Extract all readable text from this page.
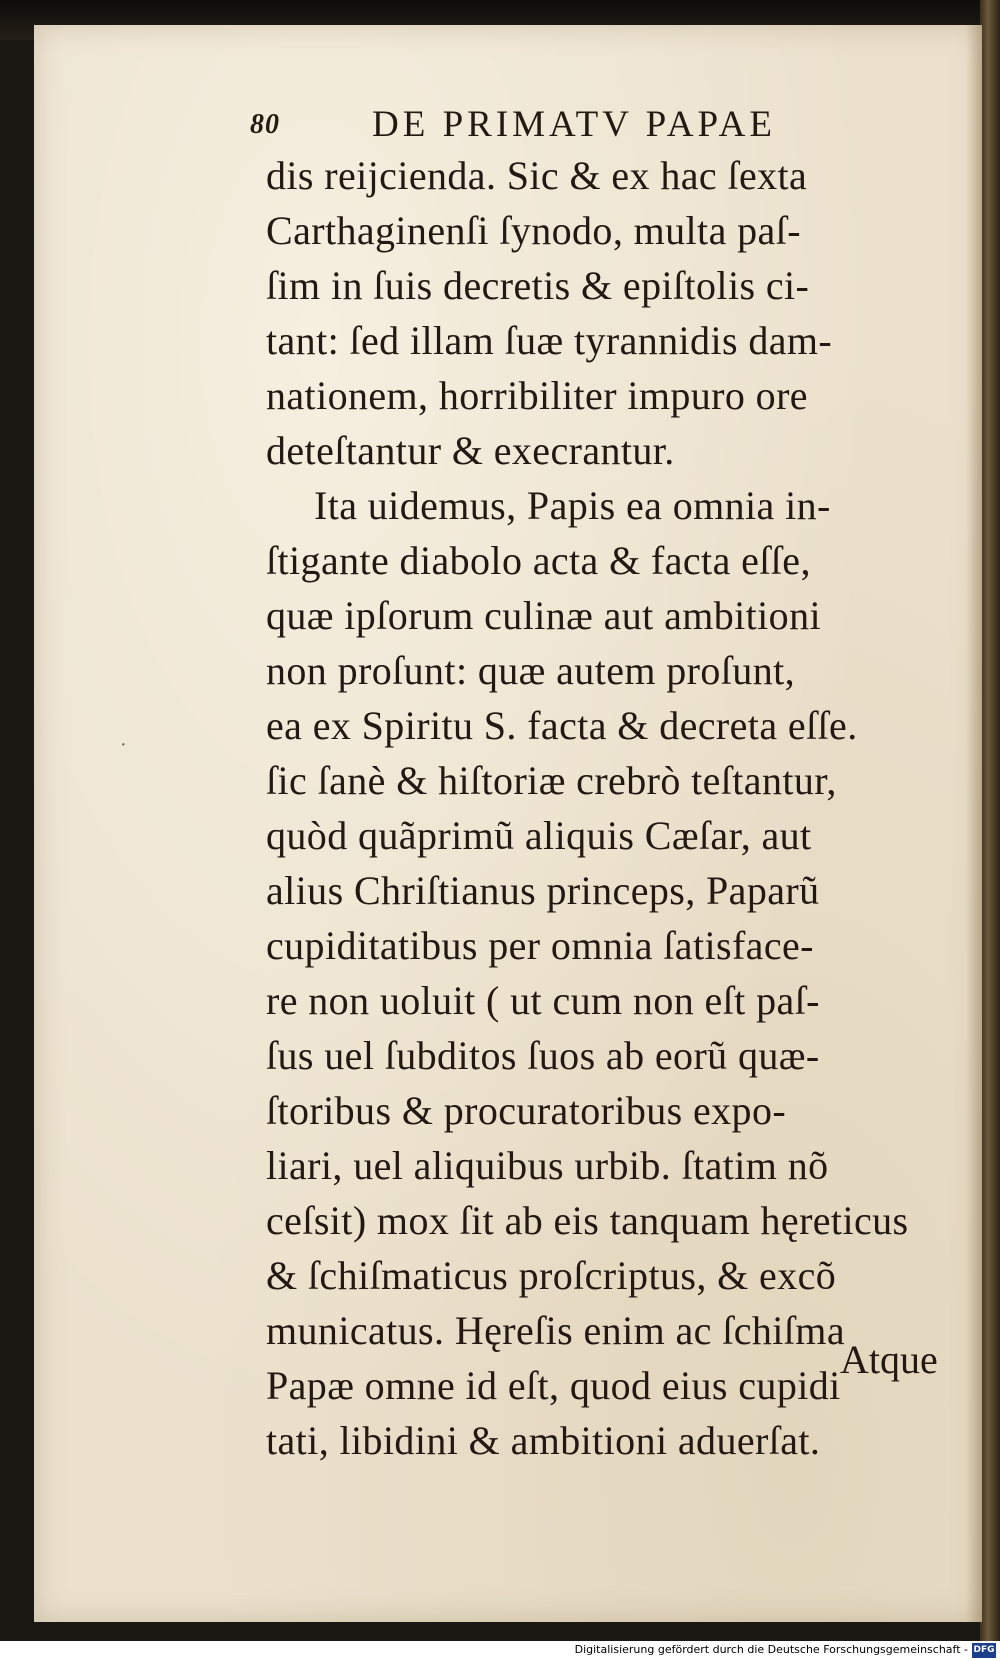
80 DE PRIMATV PAPAE
dis reijcienda. Sic & ex hac ſexta
Carthaginenſi ſynodo, multa paſ-
ſim in ſuis decretis & epiſtolis ci-
tant: ſed illam ſuæ tyrannidis dam-
nationem, horribiliter impuro ore
deteſtantur & execrantur.
Ita uidemus, Papis ea omnia in-
ſtigante diabolo acta & facta eſſe,
quæ ipſorum culinæ aut ambitioni
non proſunt: quæ autem proſunt,
ea ex Spiritu S. facta & decreta eſſe.
ſic ſanè & hiſtoriæ crebrò teſtantur,
quòd quãprimũ aliquis Cæſar, aut
alius Chriſtianus princeps, Paparũ
cupiditatibus per omnia ſatisface-
re non uoluit ( ut cum non eſt paſ-
ſus uel ſubditos ſuos ab eorũ quæ-
ſtoribus & procuratoribus expo-
liari, uel aliquibus urbib. ſtatim nõ
ceſsit) mox ſit ab eis tanquam hęreticus
& ſchiſmaticus proſcriptus, & excõ
municatus. Hęreſis enim ac ſchiſma
Papæ omne id eſt, quod eius cupidi
tati, libidini & ambitioni aduerſat.
Atque
·
Digitalisierung gefördert durch die Deutsche Forschungsgemeinschaft - DFG
